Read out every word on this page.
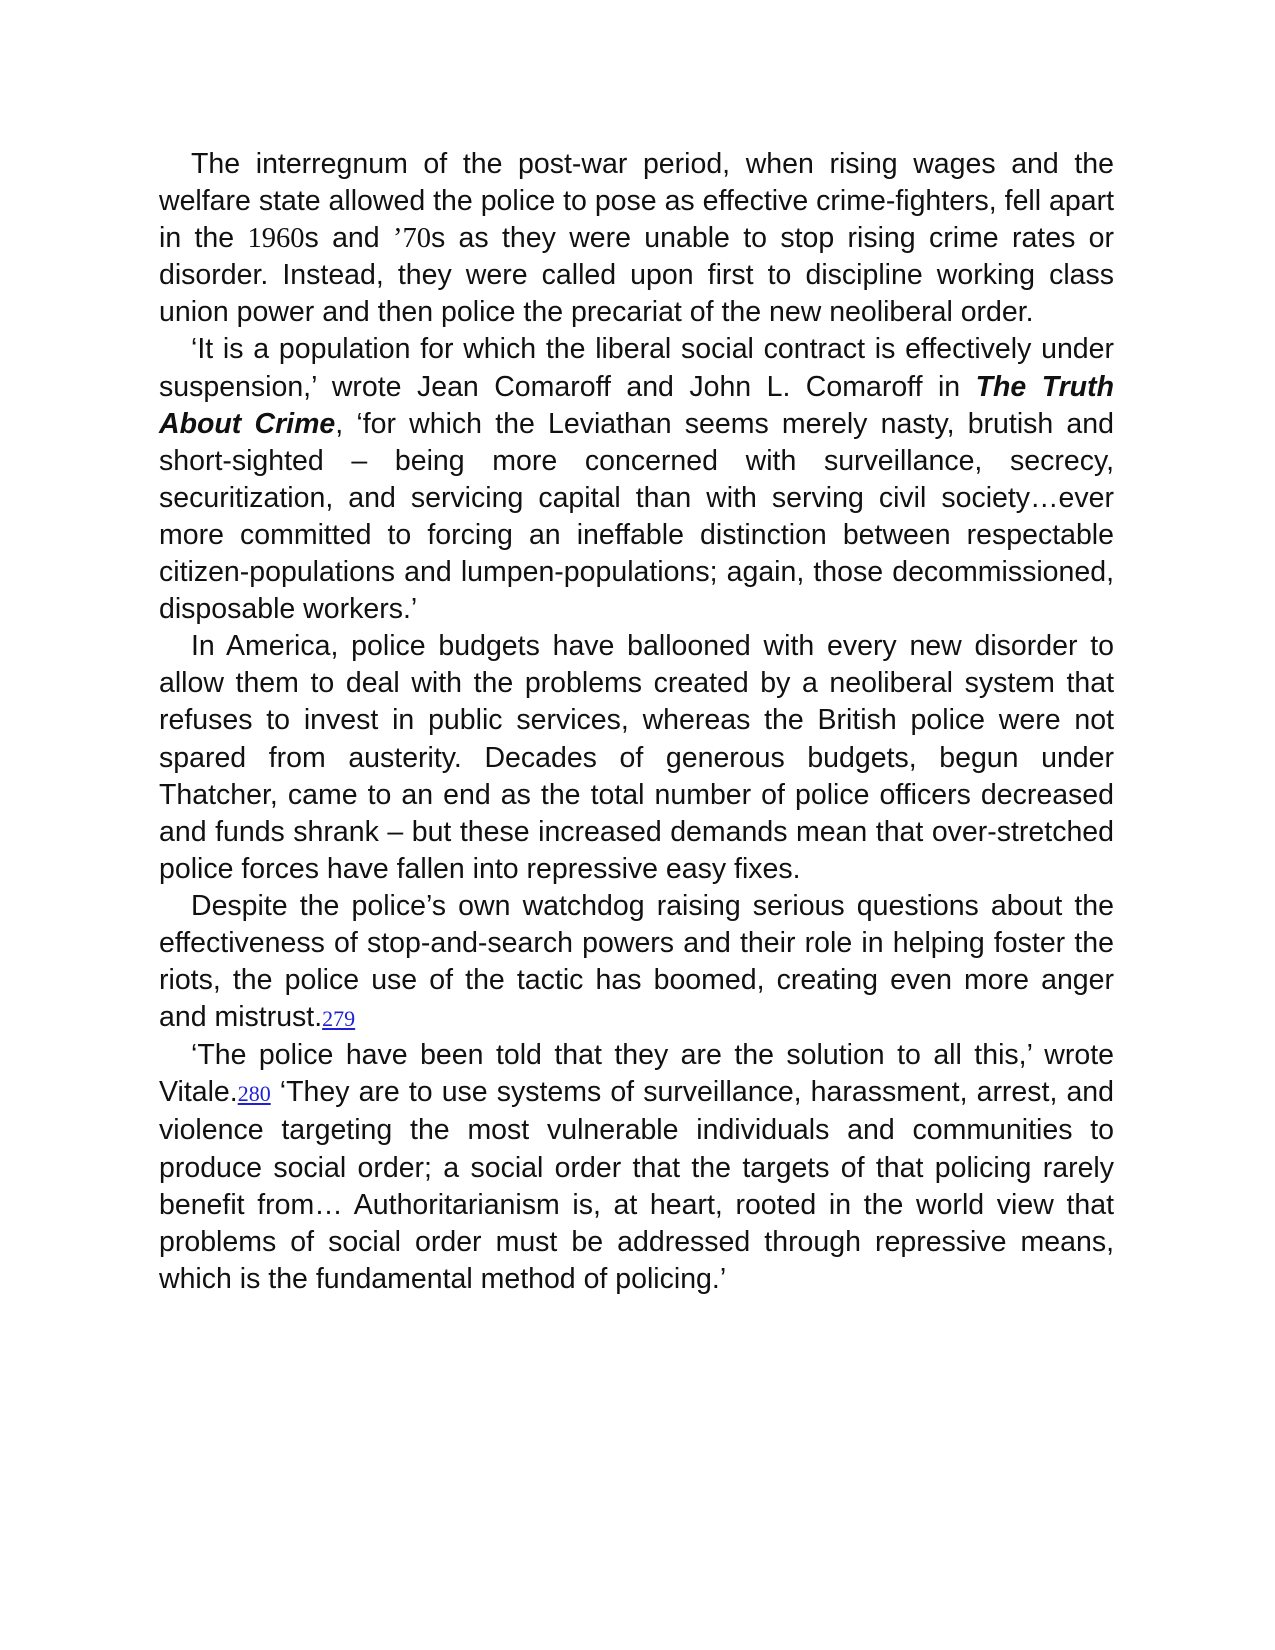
The interregnum of the post-war period, when rising wages and the welfare state allowed the police to pose as effective crime-fighters, fell apart in the 1960s and ’70s as they were unable to stop rising crime rates or disorder. Instead, they were called upon first to discipline working class union power and then police the precariat of the new neoliberal order.

‘It is a population for which the liberal social contract is effectively under suspension,’ wrote Jean Comaroff and John L. Comaroff in The Truth About Crime, ‘for which the Leviathan seems merely nasty, brutish and short-sighted – being more concerned with surveillance, secrecy, securitization, and servicing capital than with serving civil society…ever more committed to forcing an ineffable distinction between respectable citizen-populations and lumpen-populations; again, those decommissioned, disposable workers.’

In America, police budgets have ballooned with every new disorder to allow them to deal with the problems created by a neoliberal system that refuses to invest in public services, whereas the British police were not spared from austerity. Decades of generous budgets, begun under Thatcher, came to an end as the total number of police officers decreased and funds shrank – but these increased demands mean that over-stretched police forces have fallen into repressive easy fixes.

Despite the police’s own watchdog raising serious questions about the effectiveness of stop-and-search powers and their role in helping foster the riots, the police use of the tactic has boomed, creating even more anger and mistrust.279

‘The police have been told that they are the solution to all this,’ wrote Vitale.280 ‘They are to use systems of surveillance, harassment, arrest, and violence targeting the most vulnerable individuals and communities to produce social order; a social order that the targets of that policing rarely benefit from… Authoritarianism is, at heart, rooted in the world view that problems of social order must be addressed through repressive means, which is the fundamental method of policing.’
